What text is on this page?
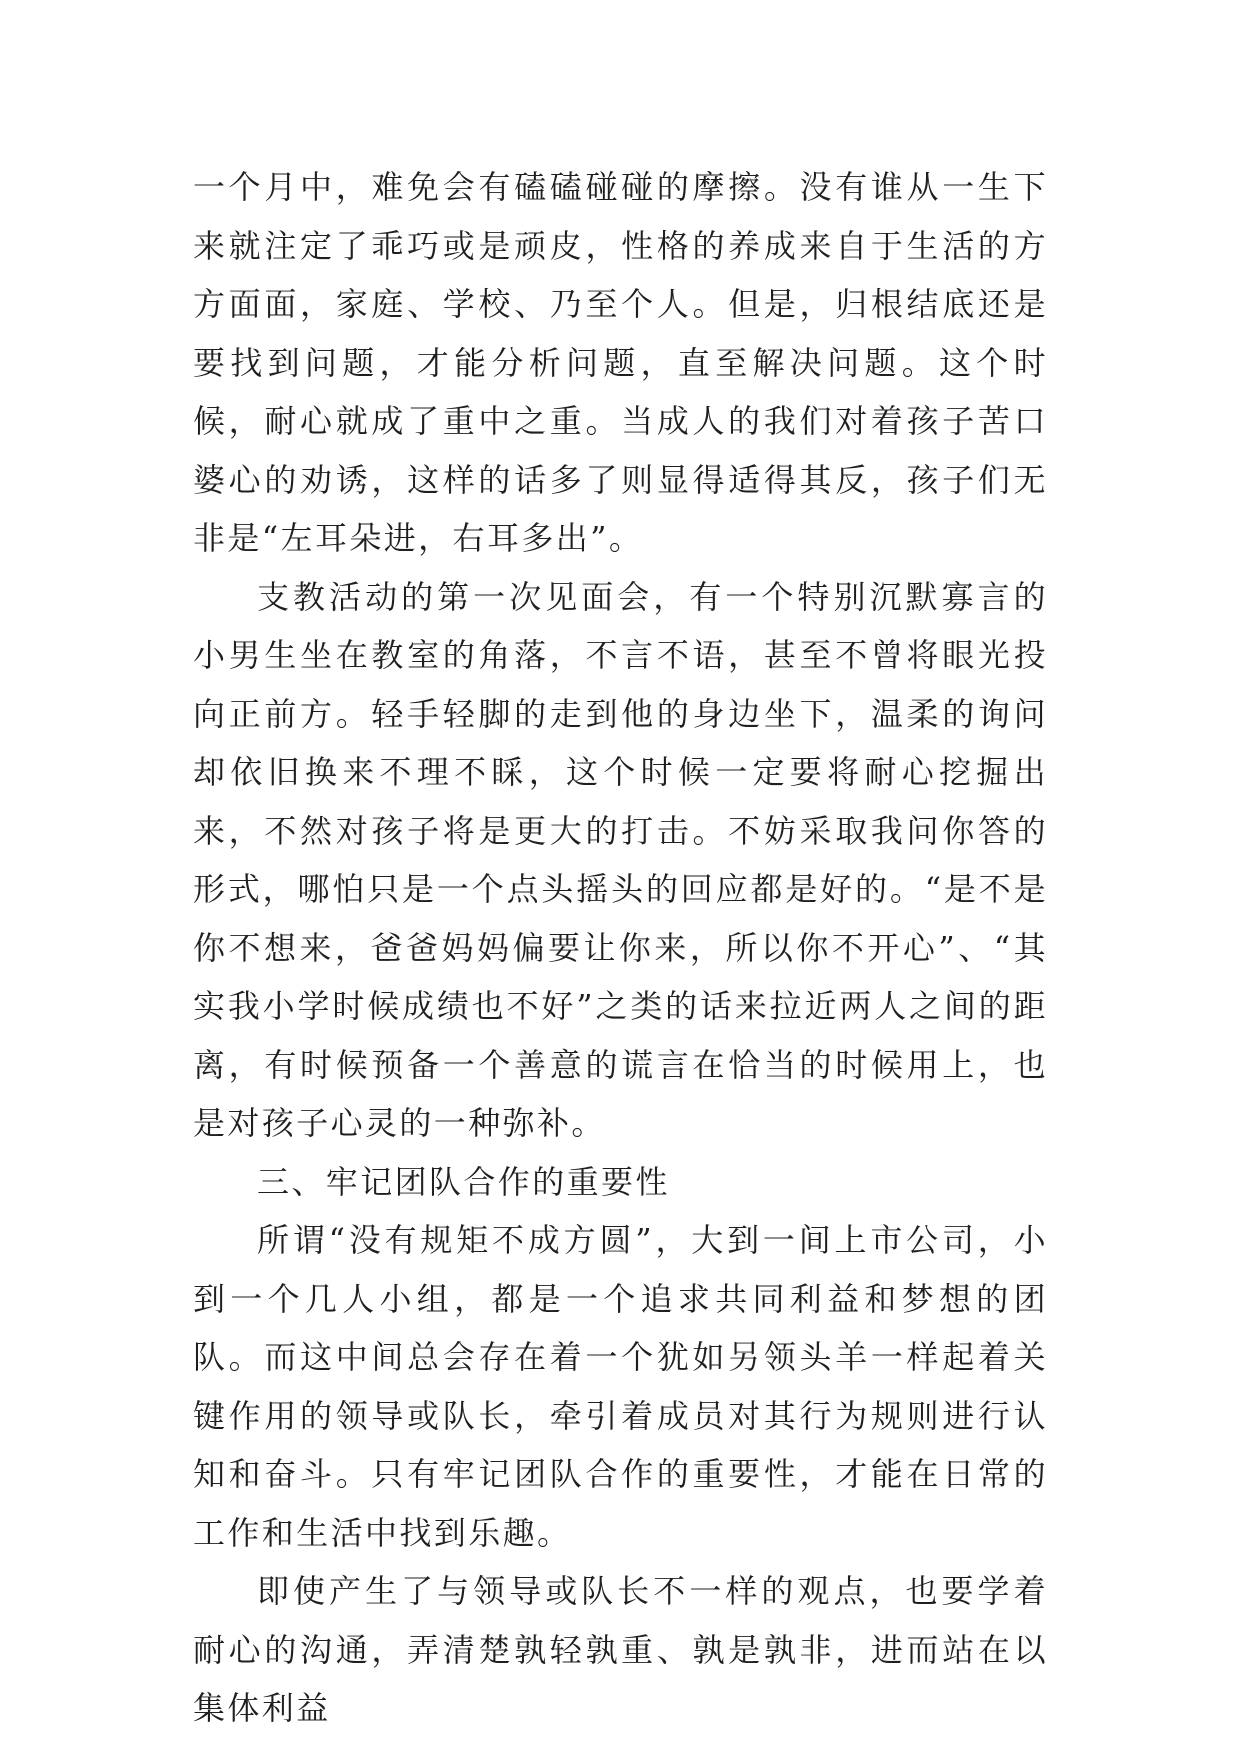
一个月中，难免会有磕磕碰碰的摩擦。没有谁从一生下来就注定了乖巧或是顽皮，性格的养成来自于生活的方方面面，家庭、学校、乃至个人。但是，归根结底还是要找到问题，才能分析问题，直至解决问题。这个时候，耐心就成了重中之重。当成人的我们对着孩子苦口婆心的劝诱，这样的话多了则显得适得其反，孩子们无非是“左耳朵进，右耳多出”。

支教活动的第一次见面会，有一个特别沉默寡言的小男生坐在教室的角落，不言不语，甚至不曾将眼光投向正前方。轻手轻脚的走到他的身边坐下，温柔的询问却依旧换来不理不睬，这个时候一定要将耐心挖掘出来，不然对孩子将是更大的打击。不妨采取我问你答的形式，哪怕只是一个点头摇头的回应都是好的。“是不是你不想来，爸爸妈妈偏要让你来，所以你不开心”、“其实我小学时候成绩也不好”之类的话来拉近两人之间的距离，有时候预备一个善意的谎言在恰当的时候用上，也是对孩子心灵的一种弥补。

三、牢记团队合作的重要性

所谓“没有规矩不成方圆”，大到一间上市公司，小到一个几人小组，都是一个追求共同利益和梦想的团队。而这中间总会存在着一个犹如另领头羊一样起着关键作用的领导或队长，牵引着成员对其行为规则进行认知和奋斗。只有牢记团队合作的重要性，才能在日常的工作和生活中找到乐趣。

即使产生了与领导或队长不一样的观点，也要学着耐心的沟通，弄清楚孰轻孰重、孰是孰非，进而站在以集体利益
